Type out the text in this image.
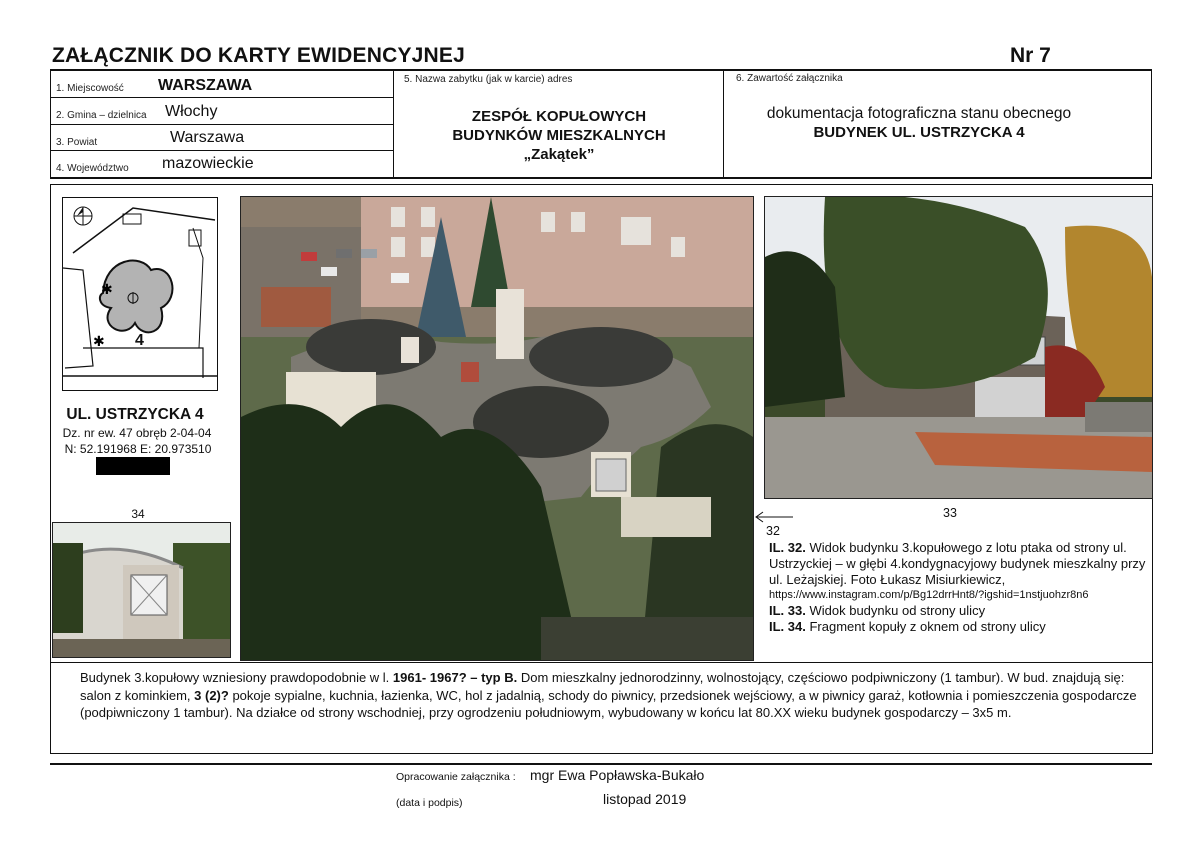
ZAŁĄCZNIK DO KARTY EWIDENCYJNEJ	Nr 7
1. Miejscowość WARSZAWA
2. Gmina – dzielnica Włochy
3. Powiat	Warszawa
4. Województwo mazowieckie
5. Nazwa zabytku (jak w karcie) adres
ZESPÓŁ KOPUŁOWYCH
BUDYNKÓW MIESZKALNYCH
„Zakątek”
6. Zawartość załącznika
dokumentacja fotograficzna stanu obecnego
BUDYNEK UL. USTRZYCKA 4
✱
✱ 4
UL. USTRZYCKA 4
Dz. nr ew. 47 obręb 2-04-04
N: 52.191968 E: 20.973510
34	33
32
IL. 32. Widok budynku 3.kopułowego z lotu ptaka od strony ul. Ustrzyckiej – w głębi 4.kondygnacyjowy budynek mieszkalny przy ul. Leżajskiej. Foto Łukasz Misiurkiewicz,
https://www.instagram.com/p/Bg12drrHnt8/?igshid=1nstjuohzr8n6
IL. 33. Widok budynku od strony ulicy
IL. 34. Fragment kopuły z oknem od strony ulicy
Budynek 3.kopułowy wzniesiony prawdopodobnie w l. 1961- 1967? – typ B. Dom mieszkalny jednorodzinny, wolnostojący, częściowo podpiwniczony (1 tambur). W bud. znajdują się: salon z kominkiem, 3 (2)? pokoje sypialne, kuchnia, łazienka, WC, hol z jadalnią, schody do piwnicy, przedsionek wejściowy, a w piwnicy garaż, kotłownia i pomieszczenia gospodarcze (podpiwniczony 1 tambur). Na działce od strony wschodniej, przy ogrodzeniu południowym, wybudowany w końcu lat 80.XX wieku budynek gospodarczy – 3x5 m.
Opracowanie załącznika : mgr Ewa Popławska-Bukało
(data i podpis)	listopad 2019
